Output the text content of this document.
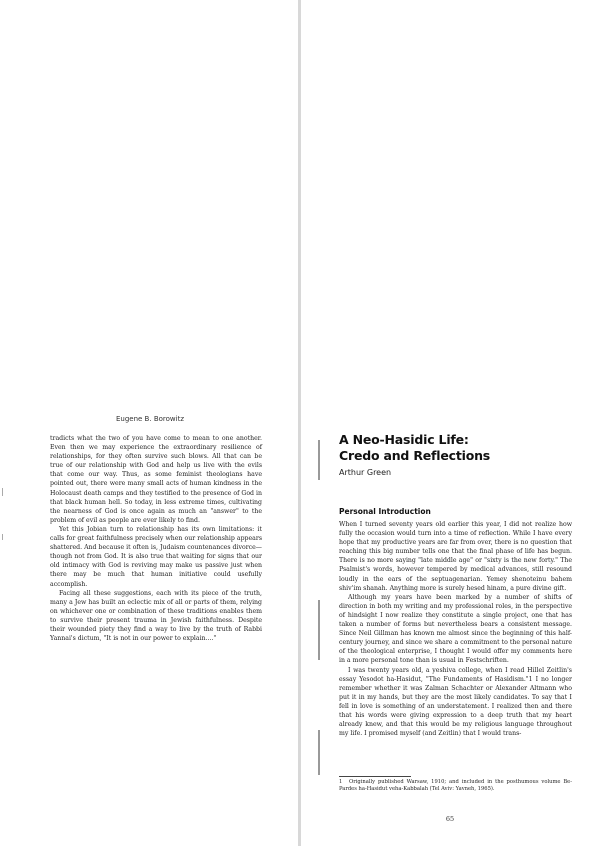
Eugene B. Borowitz

tradicts what the two of you have come to mean to one another. Even then we may experience the extraordinary resilience of relationships, for they often survive such blows. All that can be true of our relationship with God and help us live with the evils that come our way. Thus, as some feminist theologians have pointed out, there were many small acts of human kindness in the Holocaust death camps and they testified to the presence of God in that black human hell. So today, in less extreme times, cultivating the nearness of God is once again as much an "answer" to the problem of evil as people are ever likely to find.

Yet this Jobian turn to relationship has its own limitations: it calls for great faithfulness precisely when our relationship appears shattered. And because it often is, Judaism countenances divorce—though not from God. It is also true that waiting for signs that our old intimacy with God is reviving may make us passive just when there may be much that human initiative could usefully accomplish.

Facing all these suggestions, each with its piece of the truth, many a Jew has built an eclectic mix of all or parts of them, relying on whichever one or combination of these traditions enables them to survive their present trauma in Jewish faithfulness. Despite their wounded piety they find a way to live by the truth of Rabbi Yannai's dictum, "It is not in our power to explain...."

A Neo-Hasidic Life:
Credo and Reflections
Arthur Green
Personal Introduction

When I turned seventy years old earlier this year, I did not realize how fully the occasion would turn into a time of reflection. While I have every hope that my productive years are far from over, there is no question that reaching this big number tells one that the final phase of life has begun. There is no more saying "late middle age" or "sixty is the new forty." The Psalmist's words, however tempered by medical advances, still resound loudly in the ears of the septuagenarian. Yemey shenoteinu bahem shiv'im shanah. Anything more is surely hesed hinam, a pure divine gift.

Although my years have been marked by a number of shifts of direction in both my writing and my professional roles, in the perspective of hindsight I now realize they constitute a single project, one that has taken a number of forms but nevertheless bears a consistent message. Since Neil Gillman has known me almost since the beginning of this half-century journey, and since we share a commitment to the personal nature of the theological enterprise, I thought I would offer my comments here in a more personal tone than is usual in Festschriften.

I was twenty years old, a yeshiva college, when I read Hillel Zeitlin's essay Yesodot ha-Hasidut, "The Fundaments of Hasidism."1 I no longer remember whether it was Zalman Schachter or Alexander Altmann who put it in my hands, but they are the most likely candidates. To say that I fell in love is something of an understatement. I realized then and there that his words were giving expression to a deep truth that my heart already knew, and that this would be my religious language throughout my life. I promised myself (and Zeitlin) that I would trans-

1 Originally published Warsaw, 1910; and included in the posthumous volume Be-Pardes ha-Hasidut veha-Kabbalah (Tel Aviv: Yavneh, 1965).
65
